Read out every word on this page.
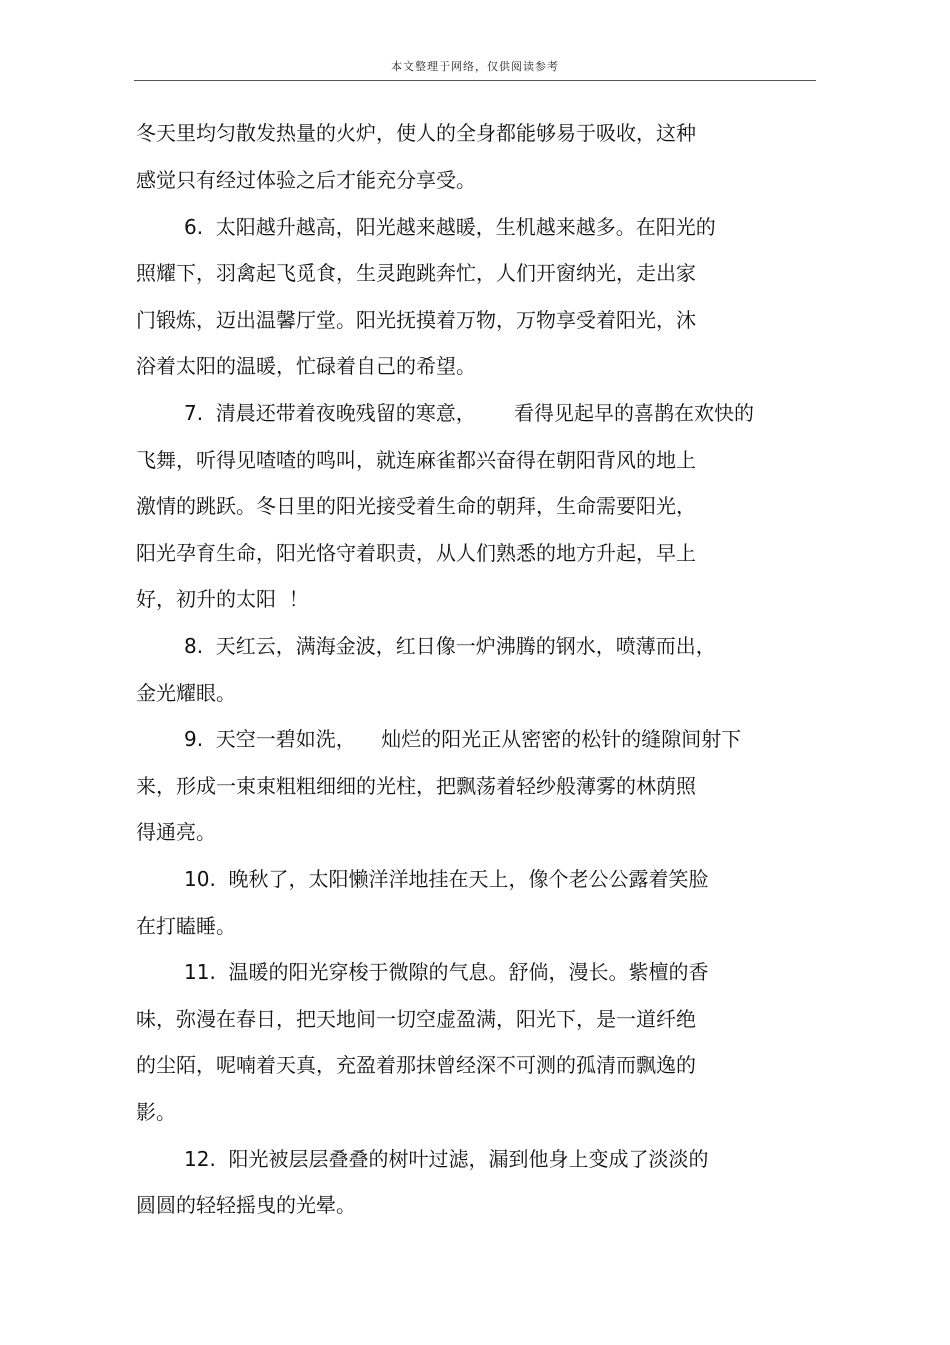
本文整理于网络，仅供阅读参考
冬天里均匀散发热量的火炉，使人的全身都能够易于吸收，这种
感觉只有经过体验之后才能充分享受。
6.  太阳越升越高，阳光越来越暖，生机越来越多。在阳光的
照耀下，羽禽起飞觅食，生灵跑跳奔忙，人们开窗纳光，走出家
门锻炼，迈出温馨厅堂。阳光抚摸着万物，万物享受着阳光，沐
浴着太阳的温暖，忙碌着自己的希望。
7.  清晨还带着夜晚残留的寒意，      看得见起早的喜鹊在欢快的
飞舞，听得见喳喳的鸣叫，就连麻雀都兴奋得在朝阳背风的地上
激情的跳跃。冬日里的阳光接受着生命的朝拜，生命需要阳光，
阳光孕育生命，阳光恪守着职责，从人们熟悉的地方升起，早上
好，初升的太阳  ！
8.  天红云，满海金波，红日像一炉沸腾的钢水，喷薄而出，
金光耀眼。
9.  天空一碧如洗，    灿烂的阳光正从密密的松针的缝隙间射下
来，形成一束束粗粗细细的光柱，把飘荡着轻纱般薄雾的林荫照
得通亮。
10.  晚秋了，太阳懒洋洋地挂在天上，像个老公公露着笑脸
在打瞌睡。
11.  温暖的阳光穿梭于微隙的气息。舒倘，漫长。紫檀的香
味，弥漫在春日，把天地间一切空虚盈满，阳光下，是一道纤绝
的尘陌，呢喃着天真，充盈着那抹曾经深不可测的孤清而飘逸的
影。
12.  阳光被层层叠叠的树叶过滤，漏到他身上变成了淡淡的
圆圆的轻轻摇曳的光晕。
